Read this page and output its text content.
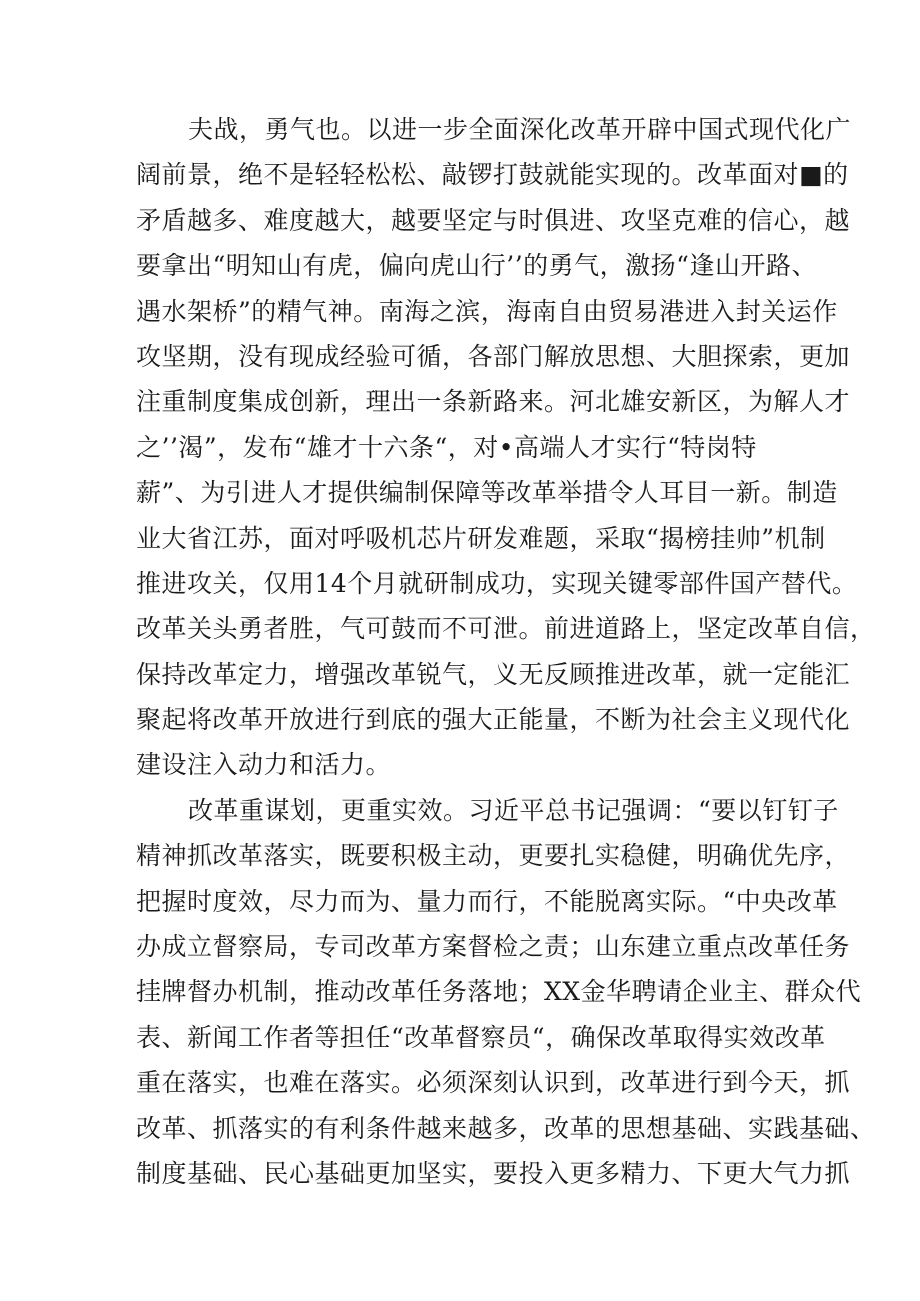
夫战，勇气也。以进一步全面深化改革开辟中国式现代化广
阔前景，绝不是轻轻松松、敲锣打鼓就能实现的。改革面对■的
矛盾越多、难度越大，越要坚定与时俱进、攻坚克难的信心，越
要拿出“明知山有虎，偏向虎山行’’的勇气，激扬“逢山开路、
遇水架桥”的精气神。南海之滨，海南自由贸易港进入封关运作
攻坚期，没有现成经验可循，各部门解放思想、大胆探索，更加
注重制度集成创新，理出一条新路来。河北雄安新区，为解人才
之’’渴”，发布“雄才十六条“，对•高端人才实行“特岗特
薪”、为引进人才提供编制保障等改革举措令人耳目一新。制造
业大省江苏，面对呼吸机芯片研发难题，采取“揭榜挂帅”机制
推进攻关，仅用14个月就研制成功，实现关键零部件国产替代。
改革关头勇者胜，气可鼓而不可泄。前进道路上，坚定改革自信，
保持改革定力，增强改革锐气，义无反顾推进改革，就一定能汇
聚起将改革开放进行到底的强大正能量，不断为社会主义现代化
建设注入动力和活力。
改革重谋划，更重实效。习近平总书记强调：“要以钉钉子
精神抓改革落实，既要积极主动，更要扎实稳健，明确优先序，
把握时度效，尽力而为、量力而行，不能脱离实际。“中央改革
办成立督察局，专司改革方案督检之责；山东建立重点改革任务
挂牌督办机制，推动改革任务落地；XX金华聘请企业主、群众代
表、新闻工作者等担任“改革督察员“，确保改革取得实效改革
重在落实，也难在落实。必须深刻认识到，改革进行到今天，抓
改革、抓落实的有利条件越来越多，改革的思想基础、实践基础、
制度基础、民心基础更加坚实，要投入更多精力、下更大气力抓
